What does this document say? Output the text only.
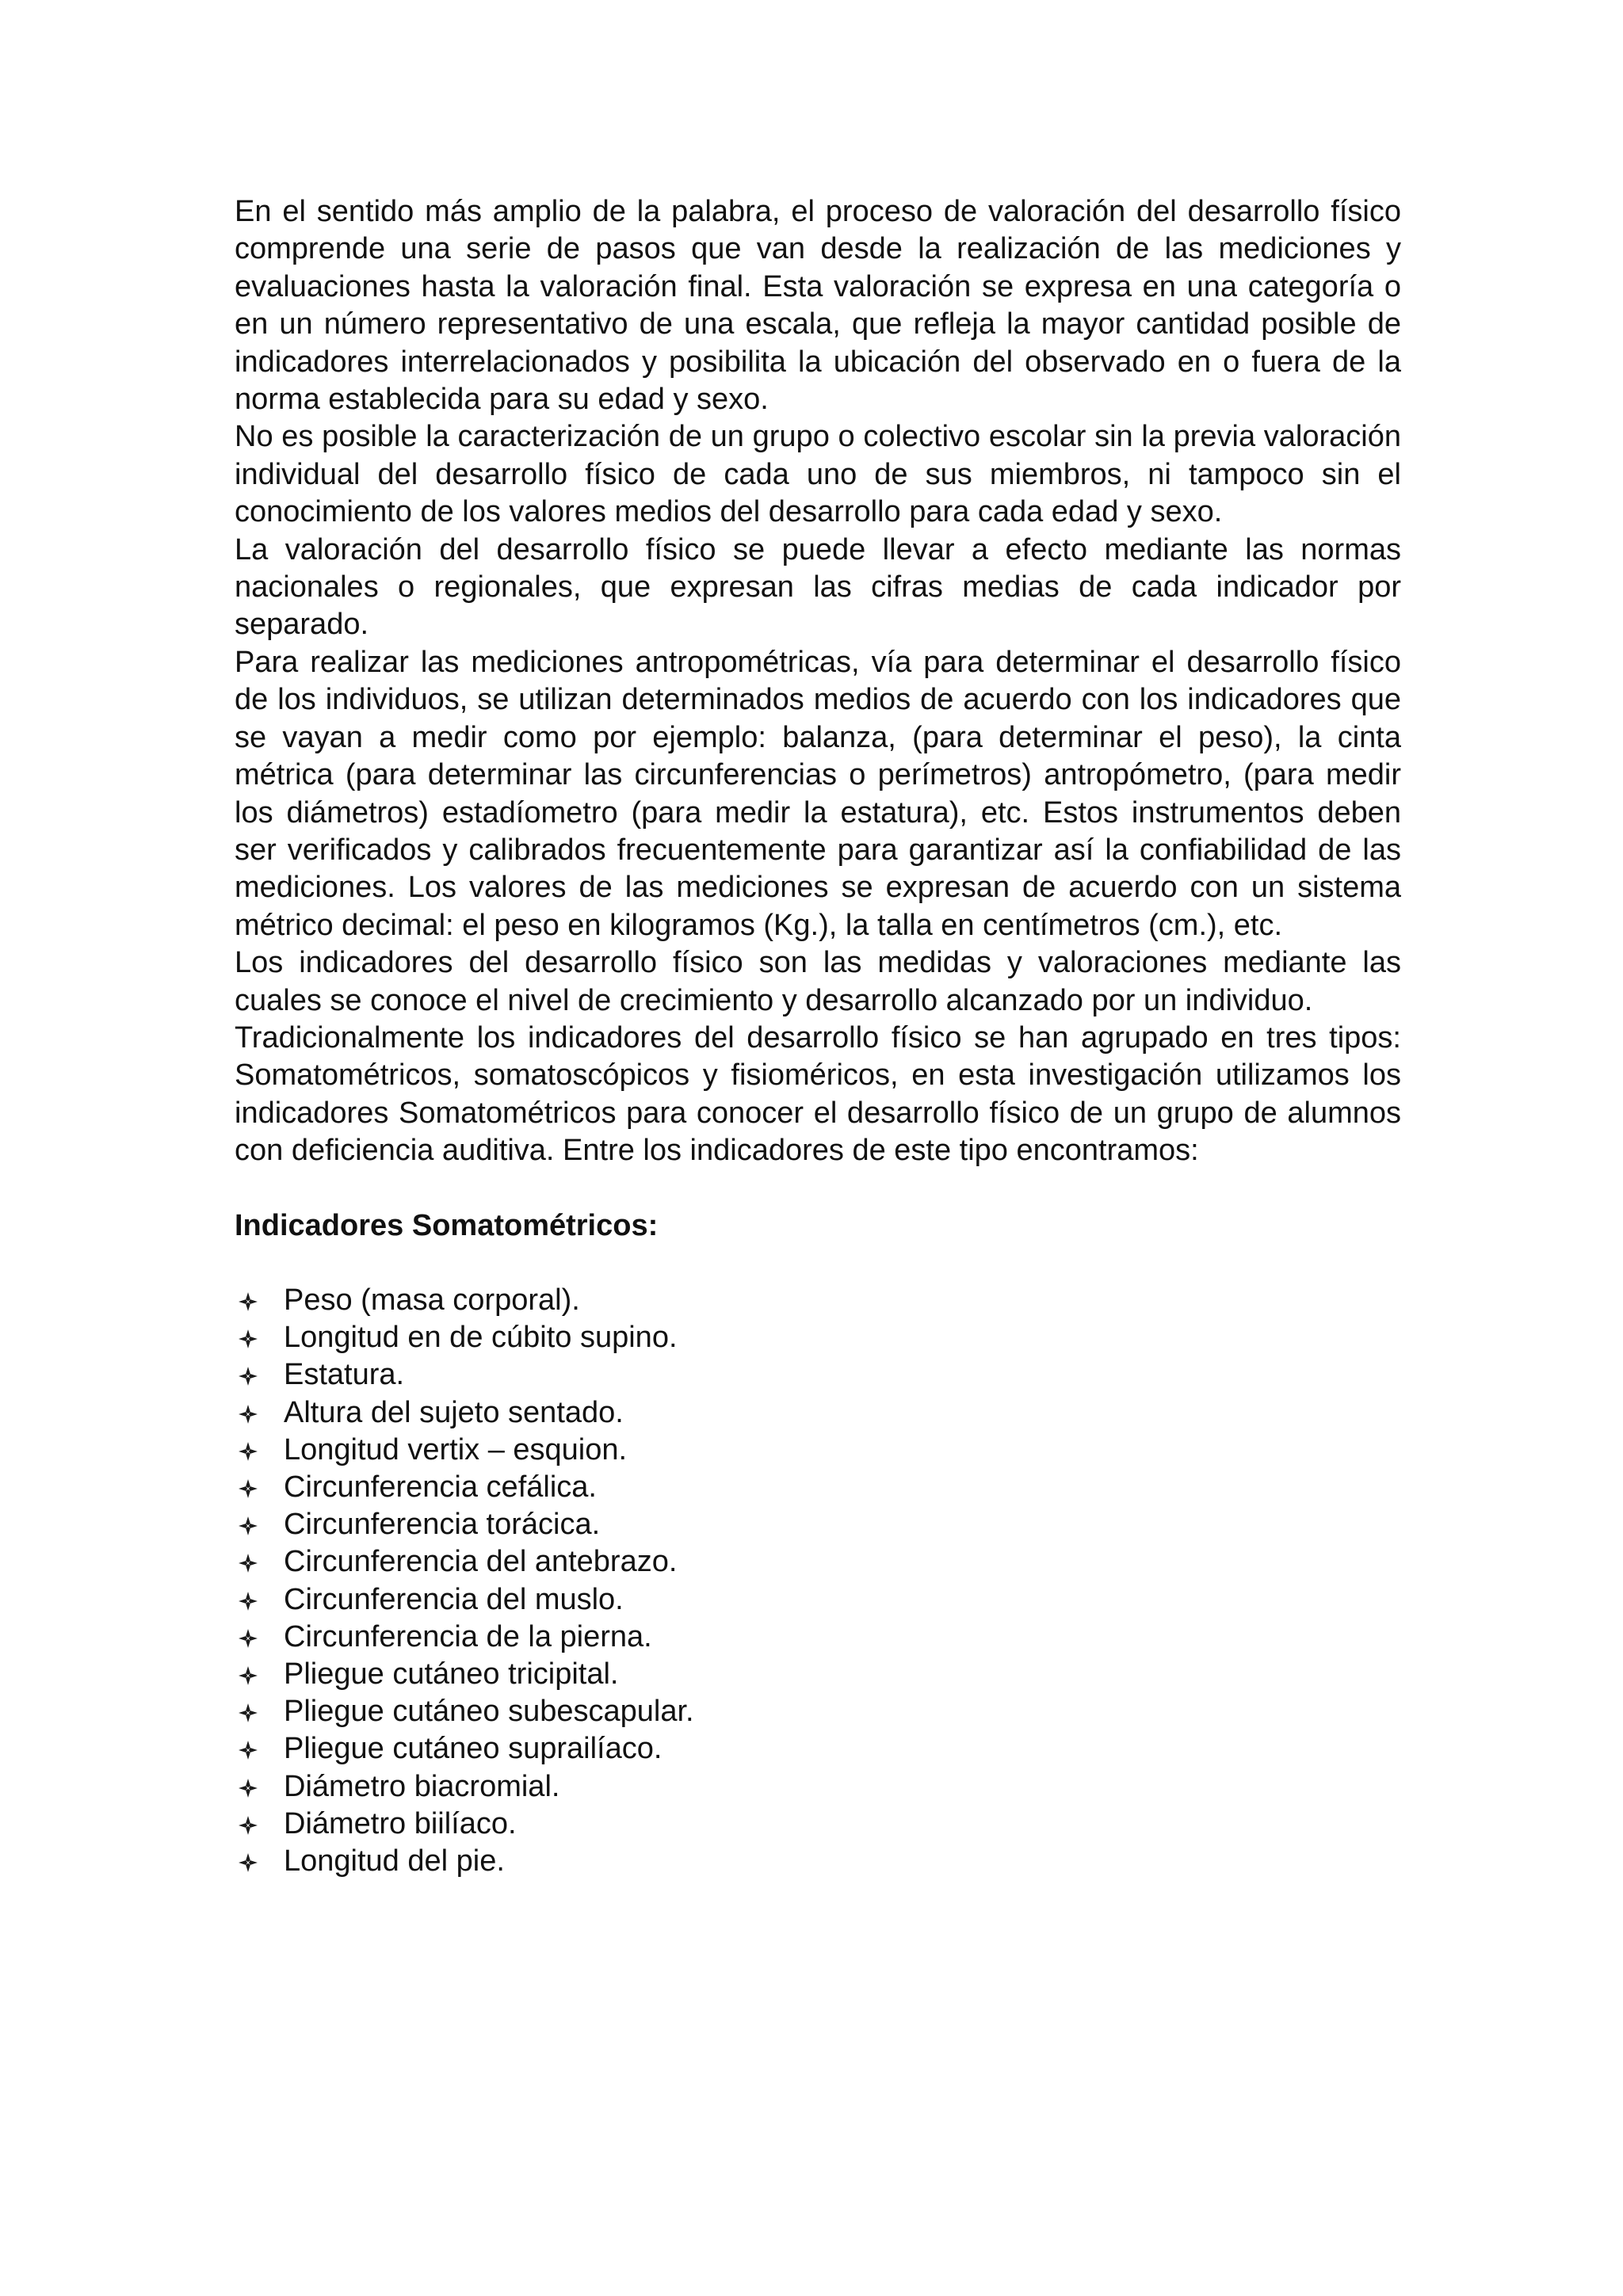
En el sentido más amplio de la palabra, el proceso de valoración del desarrollo físico comprende una serie de pasos que van desde la realización de las mediciones y evaluaciones hasta la valoración final. Esta valoración se expresa en una categoría o en un número representativo de una escala, que refleja la mayor cantidad posible de indicadores interrelacionados y posibilita la ubicación del observado en o fuera de la norma establecida para su edad y sexo.

No es posible la caracterización de un grupo o colectivo escolar sin la previa valoración individual del desarrollo físico de cada uno de sus miembros, ni tampoco sin el conocimiento de los valores medios del desarrollo para cada edad y sexo.

La valoración del desarrollo físico se puede llevar a efecto mediante las normas nacionales o regionales, que expresan las cifras medias de cada indicador por separado.

Para realizar las mediciones antropométricas, vía para determinar el desarrollo físico de los individuos, se utilizan determinados medios de acuerdo con los indicadores que se vayan a medir como por ejemplo: balanza, (para determinar el peso), la cinta métrica (para determinar las circunferencias o perímetros) antropómetro, (para medir los diámetros) estadíometro (para medir la estatura), etc. Estos instrumentos deben ser verificados y calibrados frecuentemente para garantizar así la confiabilidad de las mediciones. Los valores de las mediciones se expresan de acuerdo con un sistema métrico decimal: el peso en kilogramos (Kg.), la talla en centímetros (cm.), etc.

Los indicadores del desarrollo físico son las medidas y valoraciones mediante las cuales se conoce el nivel de crecimiento y desarrollo alcanzado por un individuo.

Tradicionalmente los indicadores del desarrollo físico se han agrupado en tres tipos: Somatométricos, somatoscópicos y fisioméricos, en esta investigación utilizamos los indicadores Somatométricos para conocer el desarrollo físico de un grupo de alumnos con deficiencia auditiva. Entre los indicadores de este tipo encontramos:

Indicadores Somatométricos:
Peso (masa corporal).
Longitud en de cúbito supino.
Estatura.
Altura del sujeto sentado.
Longitud vertix – esquion.
Circunferencia cefálica.
Circunferencia torácica.
Circunferencia del antebrazo.
Circunferencia del muslo.
Circunferencia de la pierna.
Pliegue cutáneo tricipital.
Pliegue cutáneo subescapular.
Pliegue cutáneo suprailíaco.
Diámetro biacromial.
Diámetro biilíaco.
Longitud del pie.
